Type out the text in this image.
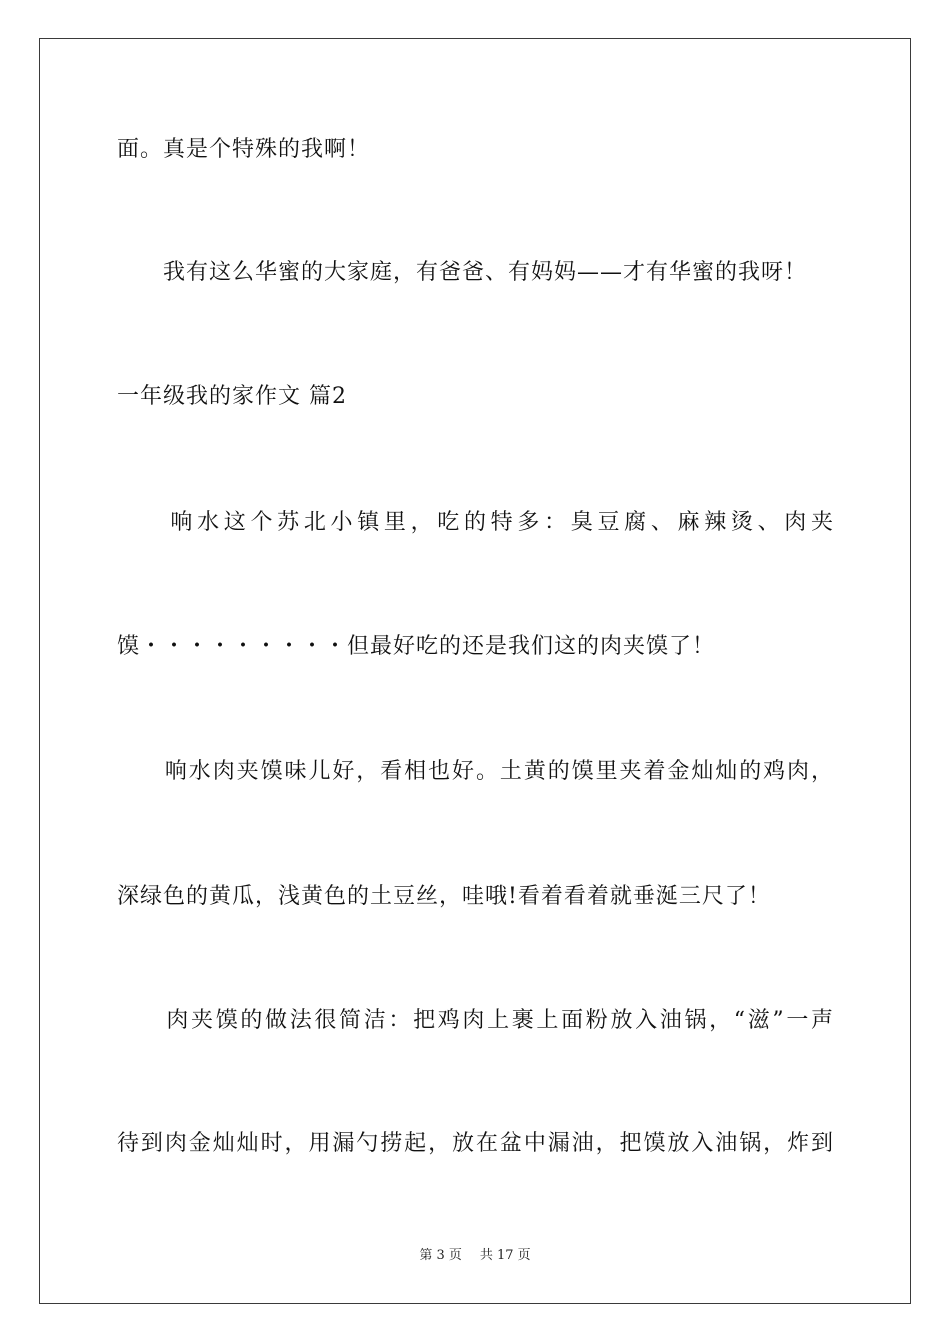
面。真是个特殊的我啊！
　　我有这么华蜜的大家庭，有爸爸、有妈妈——才有华蜜的我呀！
一年级我的家作文 篇2
　　响水这个苏北小镇里，吃的特多：臭豆腐、麻辣烫、肉夹
馍・・・・・・・・・但最好吃的还是我们这的肉夹馍了！
　　响水肉夹馍味儿好，看相也好。土黄的馍里夹着金灿灿的鸡肉，
深绿色的黄瓜，浅黄色的土豆丝，哇哦!看着看着就垂涎三尺了！
　　肉夹馍的做法很简洁：把鸡肉上裹上面粉放入油锅，“滋”一声
待到肉金灿灿时，用漏勺捞起，放在盆中漏油，把馍放入油锅，炸到
第 3 页 共 17 页
